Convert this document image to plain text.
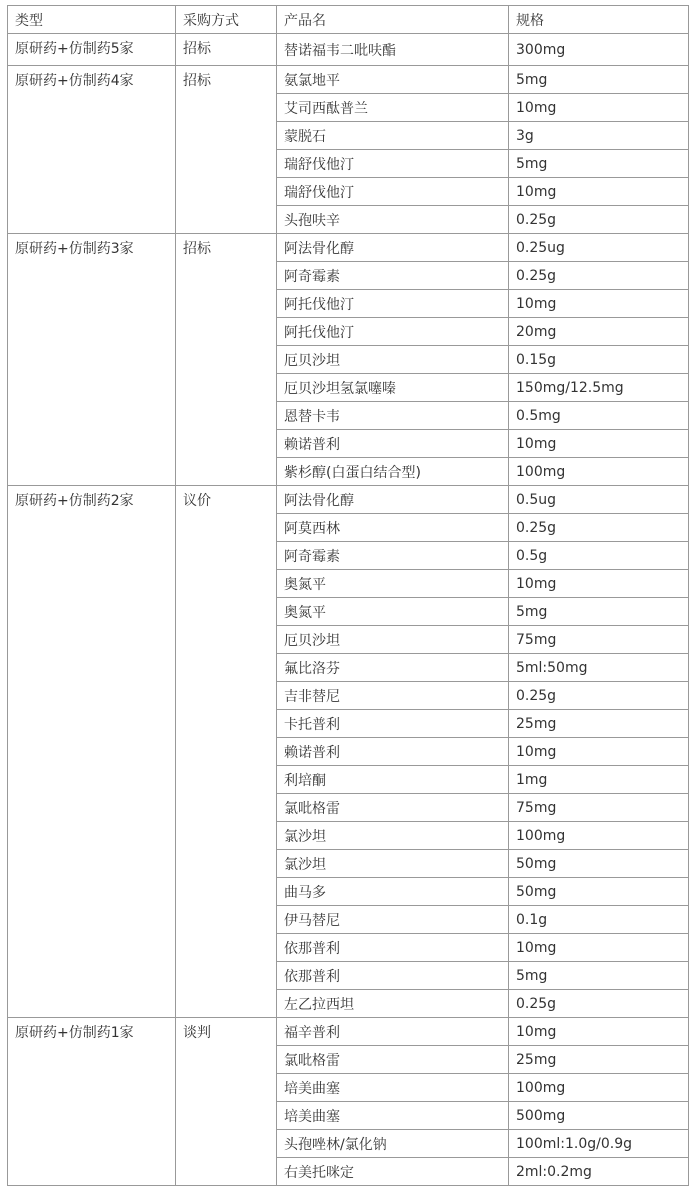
类型	采购方式	产品名	规格
原研药+仿制药5家	招标	替诺福韦二吡呋酯	300mg
原研药+仿制药4家	招标	氨氯地平	5mg
		艾司西酞普兰	10mg
		蒙脱石	3g
		瑞舒伐他汀	5mg
		瑞舒伐他汀	10mg
		头孢呋辛	0.25g
原研药+仿制药3家	招标	阿法骨化醇	0.25ug
		阿奇霉素	0.25g
		阿托伐他汀	10mg
		阿托伐他汀	20mg
		厄贝沙坦	0.15g
		厄贝沙坦氢氯噻嗪	150mg/12.5mg
		恩替卡韦	0.5mg
		赖诺普利	10mg
		紫杉醇(白蛋白结合型)	100mg
原研药+仿制药2家	议价	阿法骨化醇	0.5ug
		阿莫西林	0.25g
		阿奇霉素	0.5g
		奥氮平	10mg
		奥氮平	5mg
		厄贝沙坦	75mg
		氟比洛芬	5ml:50mg
		吉非替尼	0.25g
		卡托普利	25mg
		赖诺普利	10mg
		利培酮	1mg
		氯吡格雷	75mg
		氯沙坦	100mg
		氯沙坦	50mg
		曲马多	50mg
		伊马替尼	0.1g
		依那普利	10mg
		依那普利	5mg
		左乙拉西坦	0.25g
原研药+仿制药1家	谈判	福辛普利	10mg
		氯吡格雷	25mg
		培美曲塞	100mg
		培美曲塞	500mg
		头孢唑林/氯化钠	100ml:1.0g/0.9g
		右美托咪定	2ml:0.2mg
